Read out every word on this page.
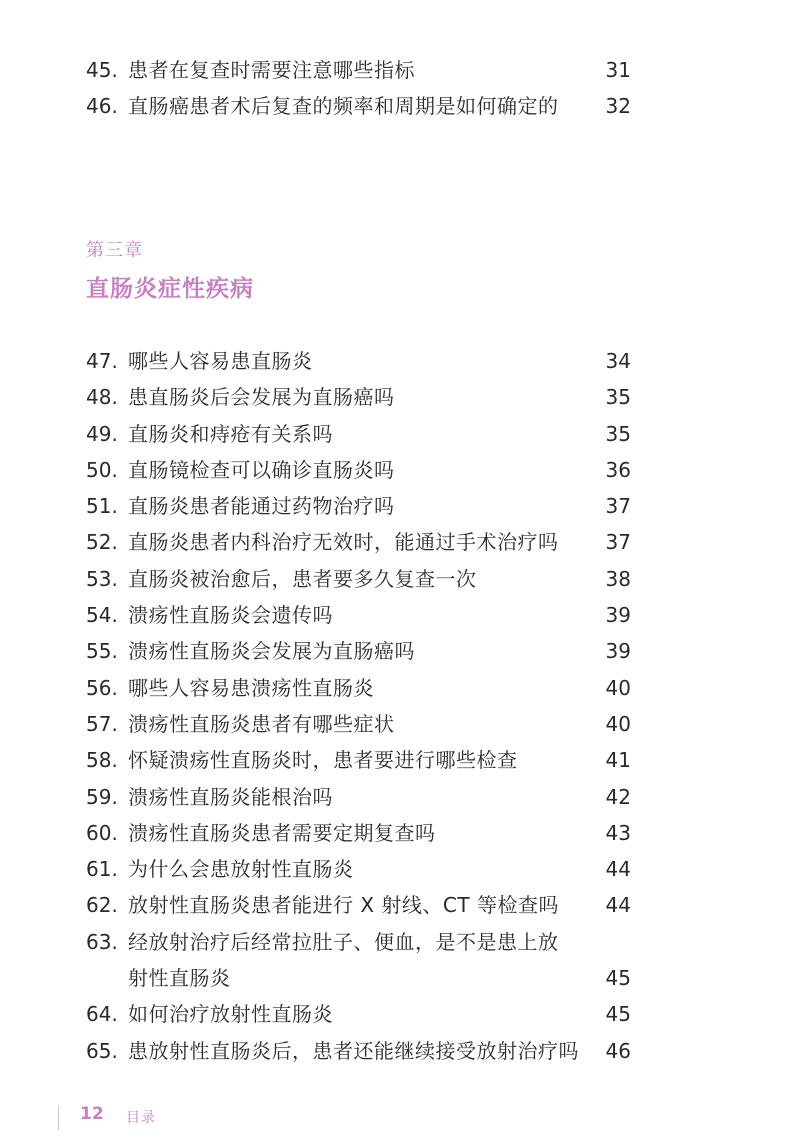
45. 患者在复查时需要注意哪些指标	31
46. 直肠癌患者术后复查的频率和周期是如何确定的 32
第三章
直肠炎症性疾病
47. 哪些人容易患直肠炎	34
48. 患直肠炎后会发展为直肠癌吗	35
49. 直肠炎和痔疮有关系吗	35
50. 直肠镜检查可以确诊直肠炎吗	36
51. 直肠炎患者能通过药物治疗吗	37
52. 直肠炎患者内科治疗无效时，能通过手术治疗吗 37
53. 直肠炎被治愈后，患者要多久复查一次	38
54. 溃疡性直肠炎会遗传吗	39
55. 溃疡性直肠炎会发展为直肠癌吗	39
56. 哪些人容易患溃疡性直肠炎	40
57. 溃疡性直肠炎患者有哪些症状	40
58. 怀疑溃疡性直肠炎时，患者要进行哪些检查	41
59. 溃疡性直肠炎能根治吗	42
60. 溃疡性直肠炎患者需要定期复查吗	43
61. 为什么会患放射性直肠炎	44
62. 放射性直肠炎患者能进行 X 射线、CT 等检查吗 44
63. 经放射治疗后经常拉肚子、便血，是不是患上放
射性直肠炎	45
64. 如何治疗放射性直肠炎	45
65. 患放射性直肠炎后，患者还能继续接受放射治疗吗 46
12 目录
